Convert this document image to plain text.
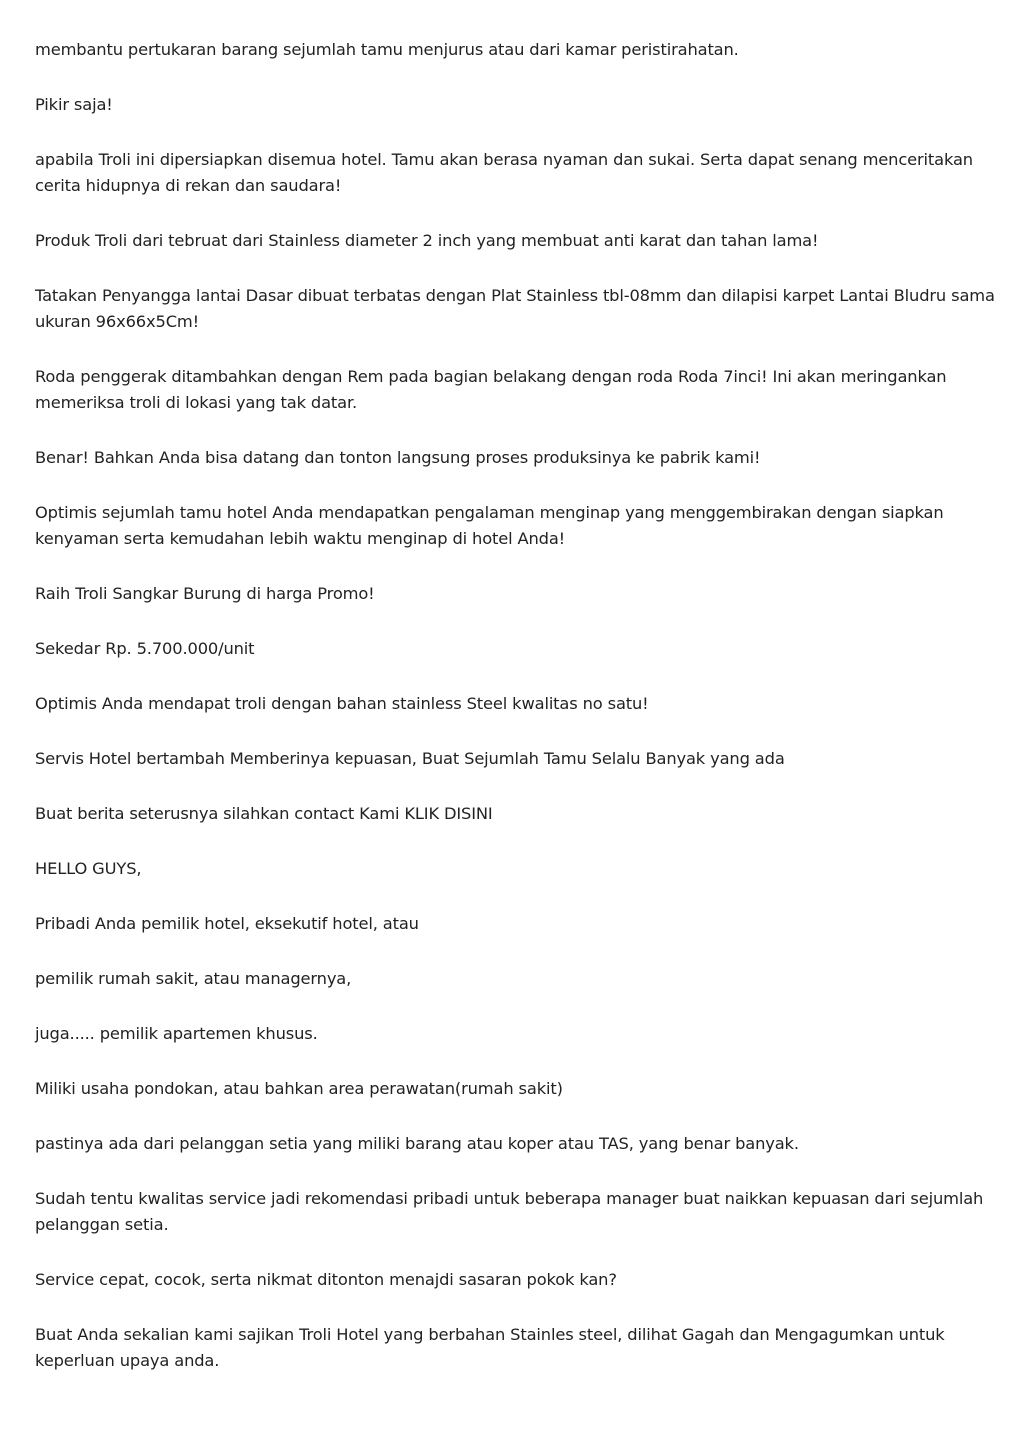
membantu pertukaran barang sejumlah tamu menjurus atau dari kamar peristirahatan.

Pikir saja!

apabila Troli ini dipersiapkan disemua hotel. Tamu akan berasa nyaman dan sukai. Serta dapat senang menceritakan cerita hidupnya di rekan dan saudara!

Produk Troli dari tebruat dari Stainless diameter 2 inch yang membuat anti karat dan tahan lama!

Tatakan Penyangga lantai Dasar dibuat terbatas dengan Plat Stainless tbl-08mm dan dilapisi karpet Lantai Bludru sama ukuran 96x66x5Cm!

Roda penggerak ditambahkan dengan Rem pada bagian belakang dengan roda Roda 7inci! Ini akan meringankan memeriksa troli di lokasi yang tak datar.

Benar! Bahkan Anda bisa datang dan tonton langsung proses produksinya ke pabrik kami!

Optimis sejumlah tamu hotel Anda mendapatkan pengalaman menginap yang menggembirakan dengan siapkan kenyaman serta kemudahan lebih waktu menginap di hotel Anda!

Raih Troli Sangkar Burung di harga Promo!

Sekedar Rp. 5.700.000/unit

Optimis Anda mendapat troli dengan bahan stainless Steel kwalitas no satu!

Servis Hotel bertambah Memberinya kepuasan, Buat Sejumlah Tamu Selalu Banyak yang ada

Buat berita seterusnya silahkan contact Kami KLIK DISINI

HELLO GUYS,

Pribadi Anda pemilik hotel, eksekutif hotel, atau

pemilik rumah sakit, atau managernya,

juga..... pemilik apartemen khusus.

Miliki usaha pondokan, atau bahkan area perawatan(rumah sakit)

pastinya ada dari pelanggan setia yang miliki barang atau koper atau TAS, yang benar banyak.

Sudah tentu kwalitas service jadi rekomendasi pribadi untuk beberapa manager buat naikkan kepuasan dari sejumlah pelanggan setia.

Service cepat, cocok, serta nikmat ditonton menajdi sasaran pokok kan?

Buat Anda sekalian kami sajikan Troli Hotel yang berbahan Stainles steel, dilihat Gagah dan Mengagumkan untuk keperluan upaya anda.
